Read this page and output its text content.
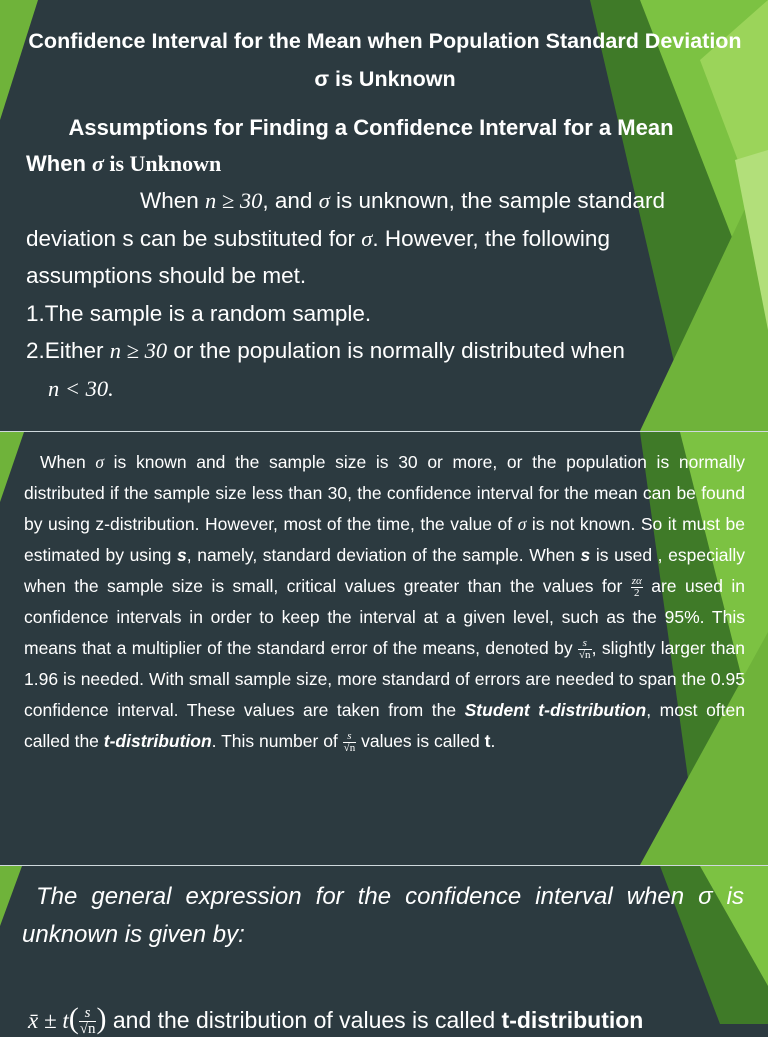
Confidence Interval for the Mean when Population Standard Deviation σ is Unknown
Assumptions for Finding a Confidence Interval for a Mean
When σ is Unknown

When n ≥ 30, and σ is unknown, the sample standard deviation s can be substituted for σ. However, the following assumptions should be met.

1.The sample is a random sample.

2.Either n ≥ 30 or the population is normally distributed when

n < 30.

When σ is known and the sample size is 30 or more, or the population is normally distributed if the sample size less than 30, the confidence interval for the mean can be found by using z-distribution. However, most of the time, the value of σ is not known. So it must be estimated by using s, namely, standard deviation of the sample. When s is used , especially when the sample size is small, critical values greater than the values for $\frac{z\alpha}{2}$ are used in confidence intervals in order to keep the interval at a given level, such as the 95%. This means that a multiplier of the standard error of the means, denoted by $\frac{s}{√n}$ , slightly larger than 1.96 is needed. With small sample size, more standard of errors are needed to span the 0.95 confidence interval. These values are taken from the Student t-distribution, most often called the t-distribution. This number of $\frac{s}{√n}$ values is called t.

The general expression for the confidence interval when σ is unknown is given by:
x̄ ± $t( \frac{s}{√n}$ ) and the distribution of values is called t-distribution
